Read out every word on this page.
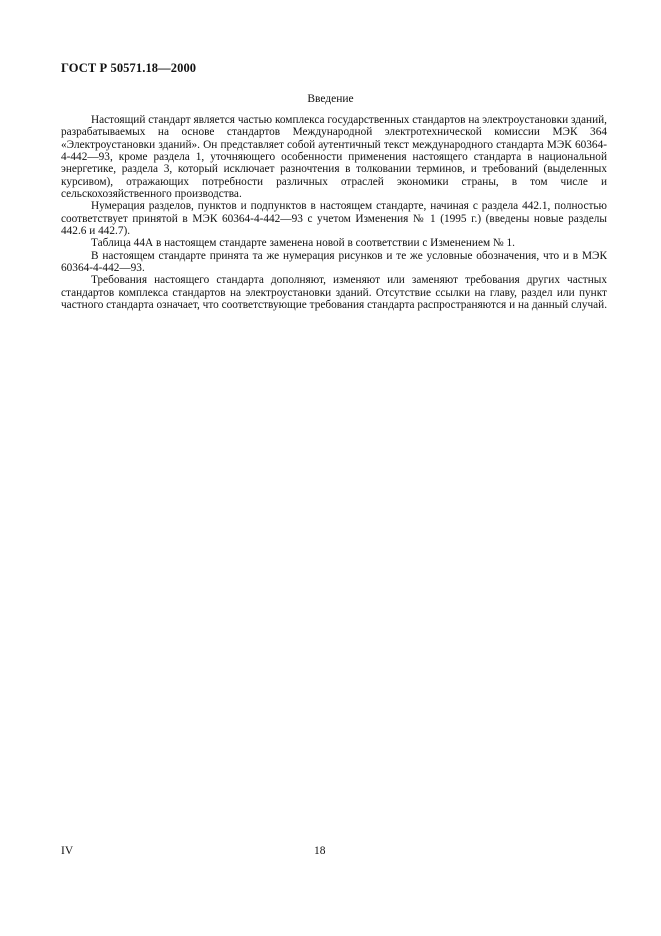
ГОСТ Р 50571.18—2000
Введение

Настоящий стандарт является частью комплекса государственных стандартов на электроустановки зданий, разрабатываемых на основе стандартов Международной электротехнической комиссии МЭК 364 «Электроустановки зданий». Он представляет собой аутентичный текст международного стандарта МЭК 60364-4-442—93, кроме раздела 1, уточняющего особенности применения настоящего стандарта в национальной энергетике, раздела 3, который исключает разночтения в толковании терминов, и требований (выделенных курсивом), отражающих потребности различных отраслей экономики страны, в том числе и сельскохозяйственного производства.

Нумерация разделов, пунктов и подпунктов в настоящем стандарте, начиная с раздела 442.1, полностью соответствует принятой в МЭК 60364-4-442—93 с учетом Изменения № 1 (1995 г.) (введены новые разделы 442.6 и 442.7).

Таблица 44А в настоящем стандарте заменена новой в соответствии с Изменением № 1.

В настоящем стандарте принята та же нумерация рисунков и те же условные обозначения, что и в МЭК 60364-4-442—93.

Требования настоящего стандарта дополняют, изменяют или заменяют требования других частных стандартов комплекса стандартов на электроустановки зданий. Отсутствие ссылки на главу, раздел или пункт частного стандарта означает, что соответствующие требования стандарта распространяются и на данный случай.

IV	18
